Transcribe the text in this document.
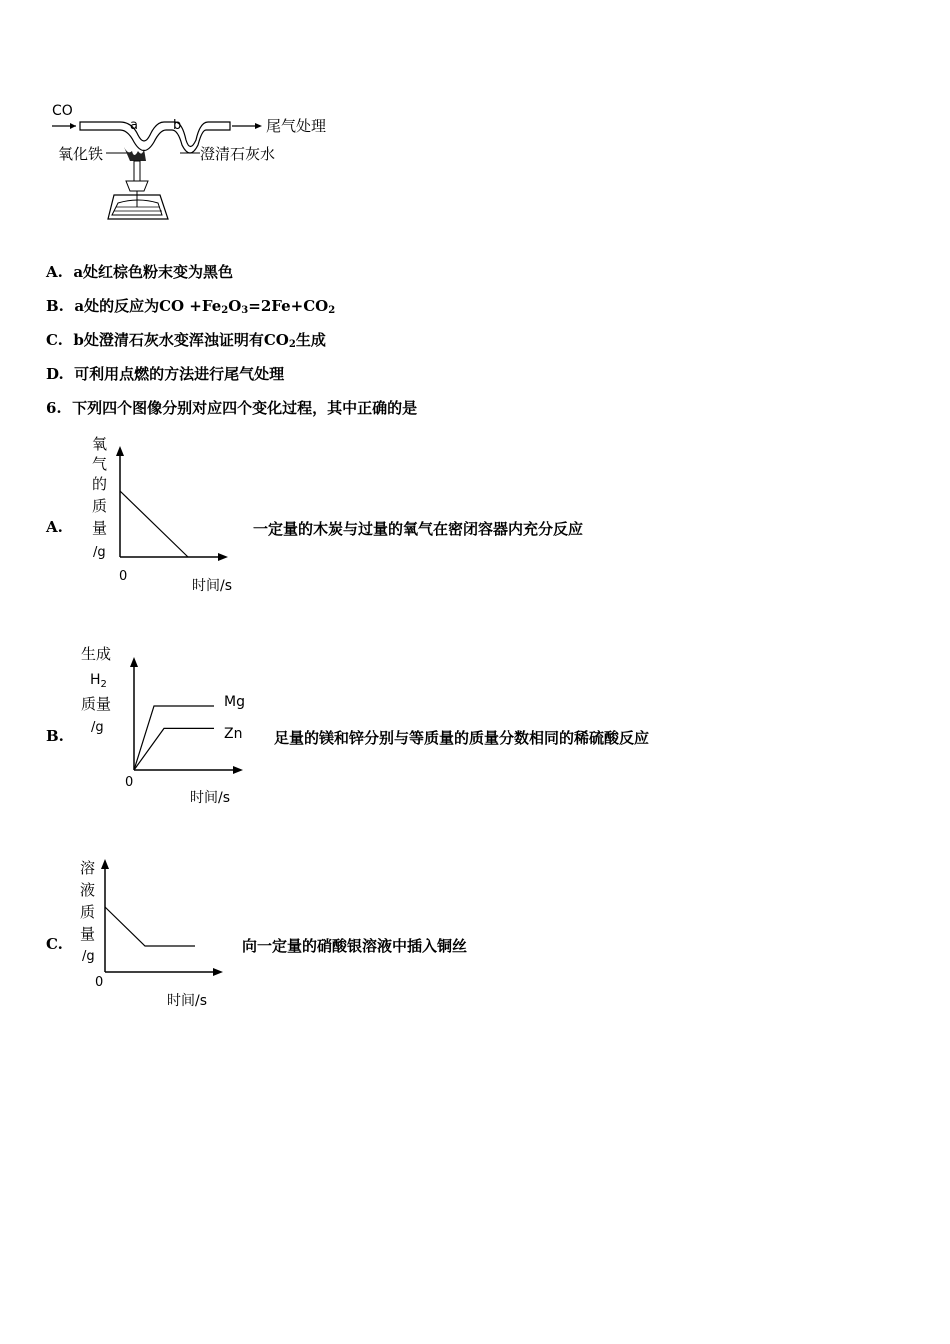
CO
a	b	尾气处理
氧化铁	澄清石灰水
A. a处红棕色粉末变为黑色
B. a处的反应为CO $+Fe_2O_3=2Fe+CO_2$
C. b处澄清石灰水变浑浊证明有$CO_2$生成
D. 可利用点燃的方法进行尾气处理
6. 下列四个图像分别对应四个变化过程，其中正确的是
A.
氧
气
的
质
量
/g
0
时间/s
一定量的木炭与过量的氧气在密闭容器内充分反应
B.
生成
$H_2$
质量
/g
0
时间/s
Mg
Zn 足量的镁和锌分别与等质量的质量分数相同的稀硫酸反应
C.
溶
液
质
量
/g
0
时间/s
向一定量的硝酸银溶液中插入铜丝
